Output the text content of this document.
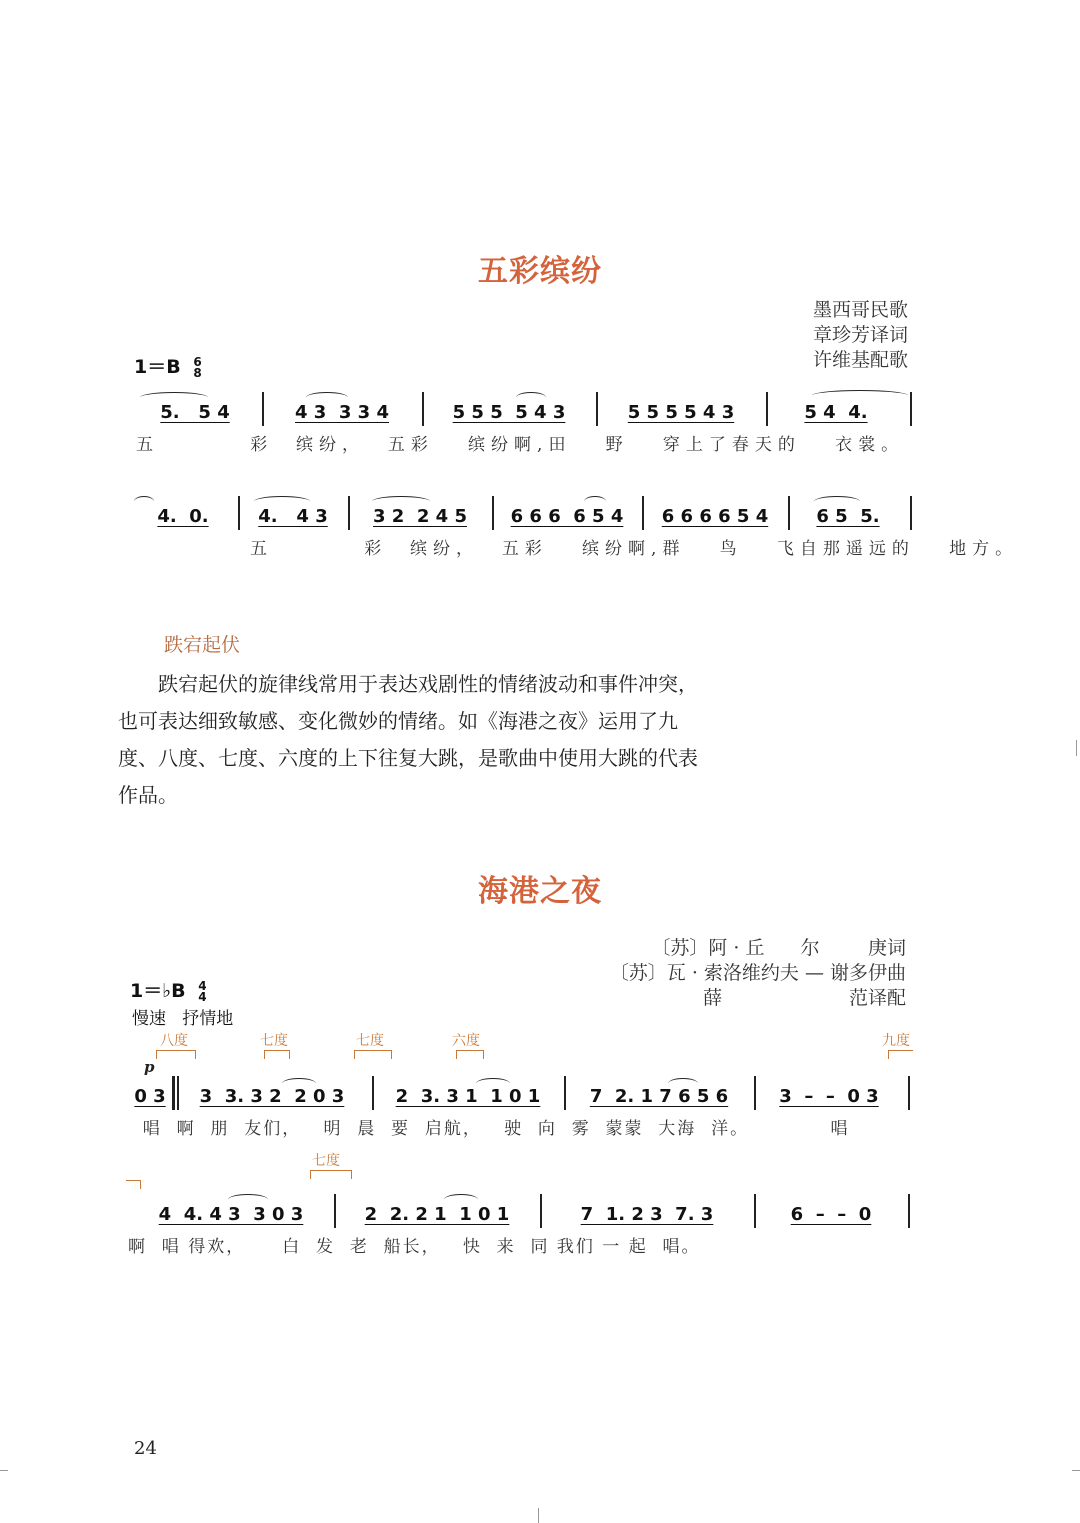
五彩缤纷
墨西哥民歌
章珍芳译词
许维基配歌
1＝B 6
8
5.   5 4	4 3  3 3 4	5 5 5  5 4 3	5 5 5 5 4 3	5 4  4.
五        彩  缤纷，  五彩   缤纷啊,田   野   穿上了春天的   衣裳。
4.  0.	4.   4 3	3 2  2 4 5 6 6 6  6 5 4 6 6 6 6 5 4	6 5  5.
五        彩  缤纷，  五彩   缤纷啊,群   鸟   飞自那遥远的   地方。
跌宕起伏

跌宕起伏的旋律线常用于表达戏剧性的情绪波动和事件冲突，也可表达细致敏感、变化微妙的情绪。如《海港之夜》运用了九度、八度、七度、六度的上下往复大跳，是歌曲中使用大跳的代表作品。

海港之夜
〔苏〕阿 · 丘      尔        庚词
〔苏〕瓦 · 索洛维约夫 — 谢多伊曲
薛                     范译配
1＝♭B 4
4
慢速   抒情地
八度	七度	七度	六度	九度
p
0 3 3  3. 3 2  2 0 3	2  3. 3 1  1 0 1	7  2. 1 7 6 5 6	3  –  –  0 3
唱  啊  朋  友们，   明  晨  要  启航，   驶  向  雾  蒙蒙  大海  洋。           唱
七度
4  4. 4 3  3 0 3	2  2. 2 1  1 0 1	7  1. 2 3  7. 3	6  –  –  0
啊  唱 得欢，     白  发  老  船长，   快  来  同 我们 一 起  唱。
24
